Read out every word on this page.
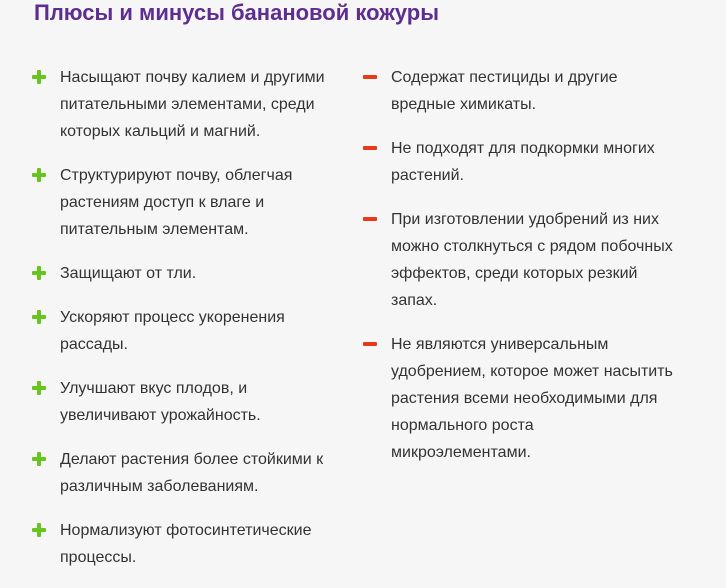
Плюсы и минусы банановой кожуры
Насыщают почву калием и другими
питательными элементами, среди
которых кальций и магний.
Структурируют почву, облегчая
растениям доступ к влаге и
питательным элементам.
Защищают от тли.
Ускоряют процесс укоренения
рассады.
Улучшают вкус плодов, и
увеличивают урожайность.
Делают растения более стойкими к
различным заболеваниям.
Нормализуют фотосинтетические
процессы.
Содержат пестициды и другие
вредные химикаты.
Не подходят для подкормки многих
растений.
При изготовлении удобрений из них
можно столкнуться с рядом побочных
эффектов, среди которых резкий
запах.
Не являются универсальным
удобрением, которое может насытить
растения всеми необходимыми для
нормального роста
микроэлементами.
